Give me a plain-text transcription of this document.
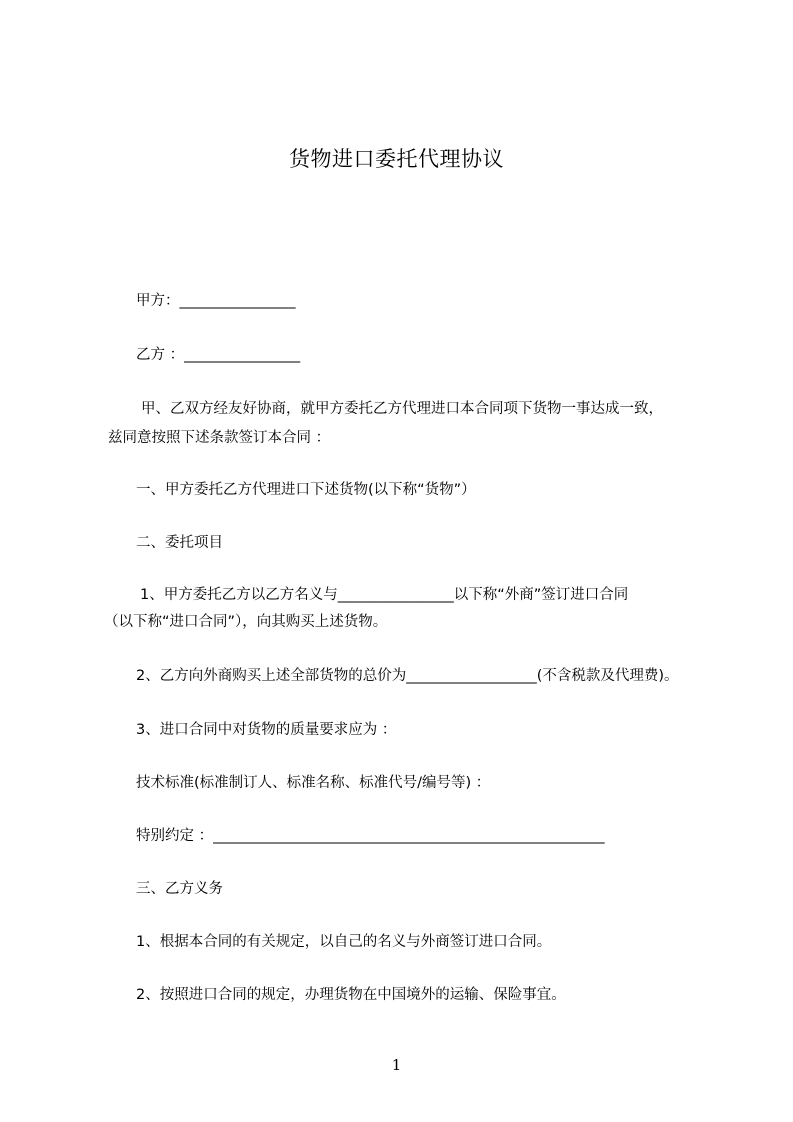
货物进口委托代理协议
甲方：________________
乙方 ：________________
甲、乙双方经友好协商，就甲方委托乙方代理进口本合同项下货物一事达成一致，
兹同意按照下述条款签订本合同 ：
一、甲方委托乙方代理进口下述货物(以下称“货物”）
二、委托项目
1、甲方委托乙方以乙方名义与________________以下称“外商”签订进口合同
（以下称“进口合同”），向其购买上述货物。
2、乙方向外商购买上述全部货物的总价为__________________(不含税款及代理费)。
3、进口合同中对货物的质量要求应为 ：
技术标准(标准制订人、标准名称、标准代号/编号等) ：
特别约定 ：______________________________________________________
三、乙方义务
1、根据本合同的有关规定，以自己的名义与外商签订进口合同。
2、按照进口合同的规定，办理货物在中国境外的运输、保险事宜。
1
